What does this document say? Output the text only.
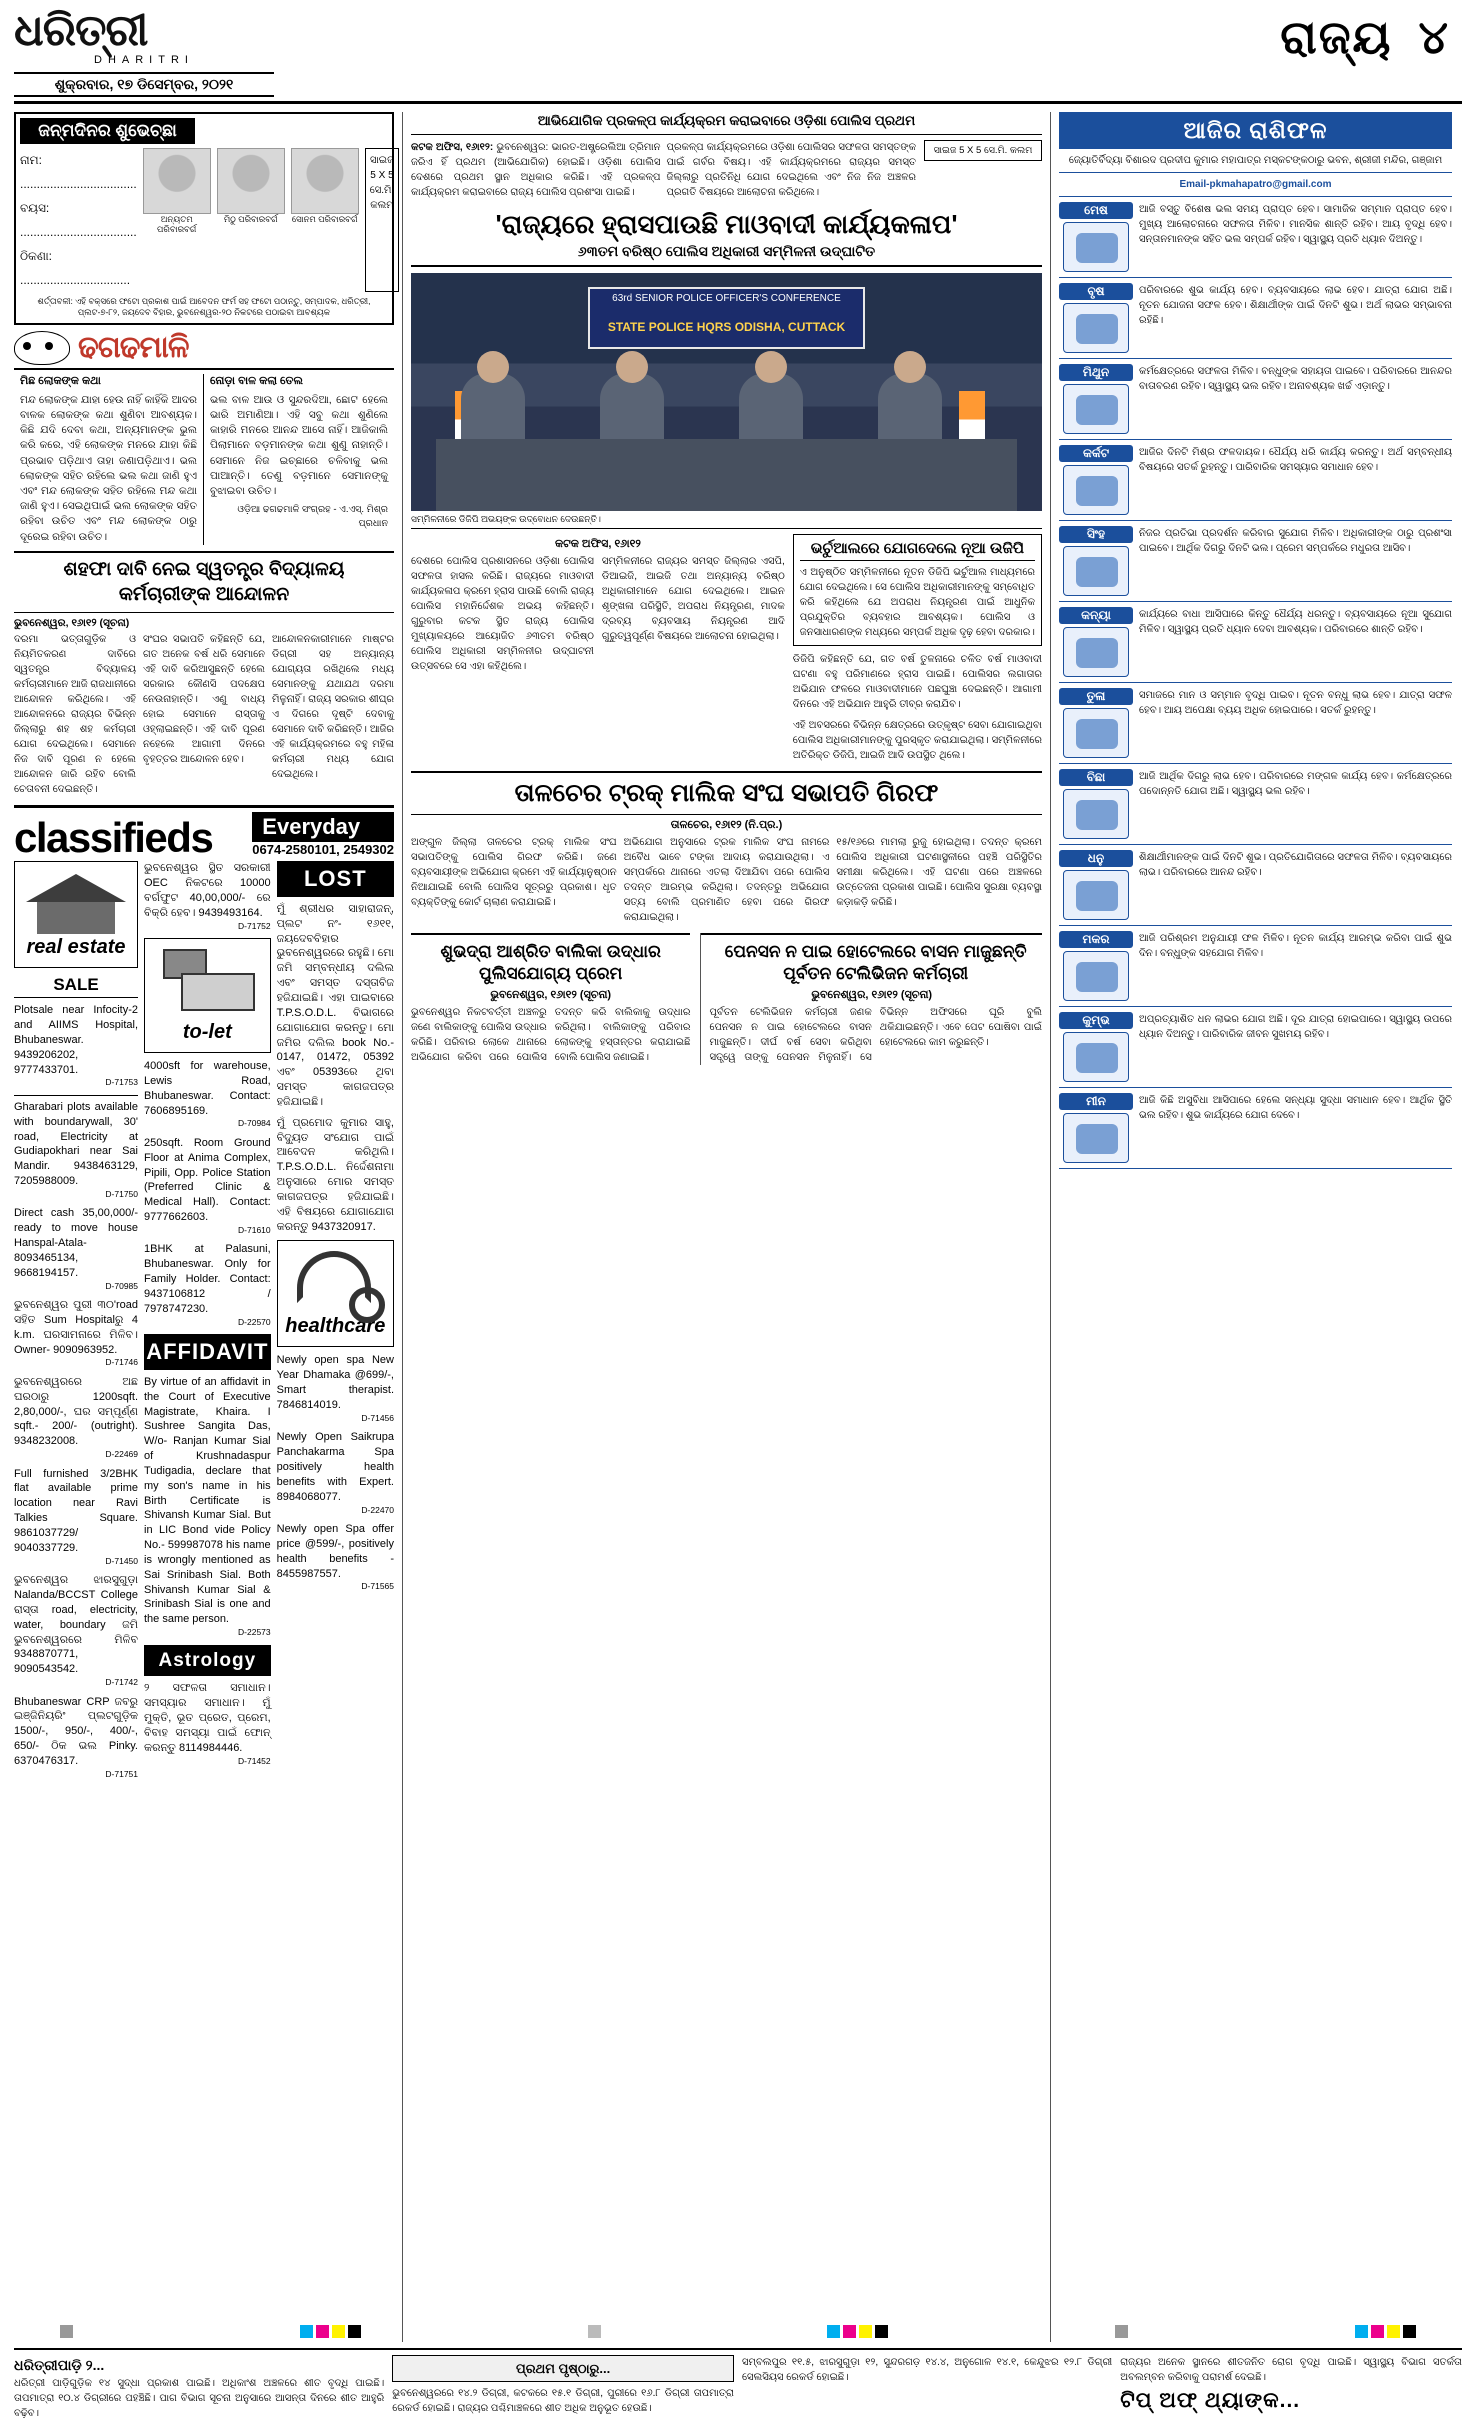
ଧରିତ୍ରୀ
DHARITRI
ଶୁକ୍ରବାର, ୧୭ ଡିସେମ୍ବର, ୨୦୨୧
ରାଜ୍ୟ ୪
ଜନ୍ମଦିନର ଶୁଭେଚ୍ଛା
ନାମ: ...................................
ବୟସ: ...................................
ଠିକଣା: .................................
ଅନ୍ୟତମ ପରିବାରବର୍ଗ
ମିଠୁ ପରିବାରବର୍ଗ	ସୋନମ ପରିବାରବର୍ଗ
ସାଇଜ 5 X 5 ସେ.ମି. କଲମ
ଶର୍ତ୍ତାବଳୀ: ଏହି ବକ୍ସରେ ଫଟୋ ପ୍ରକାଶ ପାଇଁ ଆବେଦନ ଫର୍ମ ସହ ଫଟୋ ପଠାନ୍ତୁ, ସମ୍ପାଦକ, ଧରିତ୍ରୀ, ପ୍ଲଟ-୭-୮୨, ଜୟଦେବ ବିହାର, ଭୁବନେଶ୍ୱର-୨୦ ନିକଟରେ ପଠାଇବା ଆବଶ୍ୟକ
ଢଗଢମାଳି
ମିଛ ଲୋକଙ୍କ କଥା
ମନ୍ଦ ଲୋକଙ୍କ ଯାହା ହେଉ ନାହିଁ କାହିଁକି ଆଦର ବାଳକ ଲୋକଙ୍କ କଥା ଶୁଣିବା ଆବଶ୍ୟକ। କିଛି ଯଦି ଦେବା କଥା, ଅନ୍ୟମାନଙ୍କ ଭୁଲ କରି କରେ, ଏହି ଲୋକଙ୍କ ମନରେ ଯାହା କିଛି ପ୍ରଭାବ ପଡ଼ିଥାଏ ତାହା ଜଣାପଡ଼ିଥାଏ। ଭଲ ଲୋକଙ୍କ ସହିତ ରହିଲେ ଭଲ କଥା ଜାଣି ହୁଏ ଏବଂ ମନ୍ଦ ଲୋକଙ୍କ ସହିତ ରହିଲେ ମନ୍ଦ କଥା ଜାଣି ହୁଏ। ସେଇଥିପାଇଁ ଭଲ ଲୋକଙ୍କ ସହିତ ରହିବା ଉଚିତ ଏବଂ ମନ୍ଦ ଲୋକଙ୍କ ଠାରୁ ଦୂରେଇ ରହିବା ଉଚିତ।
ନୋଡ଼ା ବାଳ କଲା ତେଲ
ଭଲ ବାଳ ଆଉ ଓ ସୁନ୍ଦରଦିଆ, ଛୋଟ ହେଲେ ଭାରି ଅମାଣିଆ। ଏହି ସବୁ କଥା ଶୁଣିଲେ କାହାରି ମନରେ ଆନନ୍ଦ ଆସେ ନାହିଁ। ଆଜିକାଲି ପିଲାମାନେ ବଡ଼ମାନଙ୍କ କଥା ଶୁଣୁ ନାହାନ୍ତି। ସେମାନେ ନିଜ ଇଚ୍ଛାରେ ଚଳିବାକୁ ଭଲ ପାଆନ୍ତି। ତେଣୁ ବଡ଼ମାନେ ସେମାନଙ୍କୁ ବୁଝାଇବା ଉଚିତ।
ଓଡ଼ିଆ ଢଗଢମାଳି ସଂଗ୍ରହ - ଏ.ଏସ୍. ମିଶ୍ର ପ୍ରଧାନ
ଶହଫା ଦାବି ନେଇ ସ୍ୱତନ୍ତ୍ର ବିଦ୍ୟାଳୟ କର୍ମଚାରୀଙ୍କ ଆନ୍ଦୋଳନ
ଭୁବନେଶ୍ୱର, ୧୬ା୧୨ (ସୂଚନା)
ଦରମା ଭତ୍ତାଗୁଡ଼ିକ ଓ ନିୟମିତକରଣ ଦାବିରେ ସ୍ୱତନ୍ତ୍ର ବିଦ୍ୟାଳୟ କର୍ମଚାରୀମାନେ ଆଜି ରାଜଧାନୀରେ ଆନ୍ଦୋଳନ କରିଥିଲେ। ଏହି ଆନ୍ଦୋଳନରେ ରାଜ୍ୟର ବିଭିନ୍ନ ଜିଲ୍ଲାରୁ ଶହ ଶହ କର୍ମଚାରୀ ଯୋଗ ଦେଇଥିଲେ। ସେମାନେ ନିଜ ଦାବି ପୂରଣ ନ ହେଲେ ଆନ୍ଦୋଳନ ଜାରି ରହିବ ବୋଲି ଚେତାବନୀ ଦେଇଛନ୍ତି।
ସଂଘର ସଭାପତି କହିଛନ୍ତି ଯେ, ଗତ ଅନେକ ବର୍ଷ ଧରି ସେମାନେ ଏହି ଦାବି କରିଆସୁଛନ୍ତି ହେଲେ ସରକାର କୌଣସି ପଦକ୍ଷେପ ନେଉନାହାନ୍ତି। ଏଣୁ ବାଧ୍ୟ ହୋଇ ସେମାନେ ରାସ୍ତାକୁ ଓହ୍ଲାଇଛନ୍ତି। ଏହି ଦାବି ପୂରଣ ନହେଲେ ଆଗାମୀ ଦିନରେ ବୃହତ୍ତର ଆନ୍ଦୋଳନ ହେବ।
ଆନ୍ଦୋଳନକାରୀମାନେ ମାଷ୍ଟର ଡିଗ୍ରୀ ସହ ଅନ୍ୟାନ୍ୟ ଯୋଗ୍ୟତା ରଖିଥିଲେ ମଧ୍ୟ ସେମାନଙ୍କୁ ଯଥାଯଥ ଦରମା ମିଳୁନାହିଁ। ରାଜ୍ୟ ସରକାର ଶୀଘ୍ର ଏ ଦିଗରେ ଦୃଷ୍ଟି ଦେବାକୁ ସେମାନେ ଦାବି କରିଛନ୍ତି। ଆଜିର ଏହି କାର୍ଯ୍ୟକ୍ରମରେ ବହୁ ମହିଳା କର୍ମଚାରୀ ମଧ୍ୟ ଯୋଗ ଦେଇଥିଲେ।
classifieds	Everyday
0674-2580101, 2549302
real estate
SALE

Plotsale near Infocity-2 and AIIMS Hospital, Bhubaneswar. 9439206202, 9777433701.
D-71753

Gharabari plots available with boundarywall, 30' road, Electricity at Gudiapokhari near Sai Mandir. 9438463129, 7205988009.
D-71750

Direct cash 35,00,000/- ready to move house Hanspal-Atala- 8093465134, 9668194157.
D-70985

ଭୁବନେଶ୍ୱର ପୁରୀ ୩୦'road ସହିତ Sum Hospitalରୁ 4 k.m. ଘରସାମନାରେ ମିଳିବ। Owner- 9090963952.
D-71746

ଭୁବନେଶ୍ୱରରେ ଅଛ ଘରଠାରୁ 1200sqft. 2,80,000/-, ଘର ସମ୍ପୂର୍ଣ୍ଣ sqft.- 200/- (outright). 9348232008.
D-22469

Full furnished 3/2BHK flat available prime location near Ravi Talkies Square. 9861037729/ 9040337729.
D-71450

ଭୁବନେଶ୍ୱର ଝାରସୁଗୁଡ଼ା Nalanda/BCCST College ରାସ୍ତା road, electricity, water, boundary ଜମି ଭୁବନେଶ୍ୱରରେ ମିଳିବ 9348870771, 9090543542.
D-71742

Bhubaneswar CRP ଜବରୁ ଇଞ୍ଜିନିୟରିଂ ପ୍ଲଟଗୁଡ଼ିକ 1500/-, 950/-, 400/-, 650/- ଠିକ ଭଲ Pinky. 6370476317.
D-71751

ଭୁବନେଶ୍ୱର ସ୍ଥିତ ସରକାରୀ OEC ନିକଟରେ 10000 ବର୍ଗଫୁଟ 40,00,000/- ରେ ବିକ୍ରି ହେବ। 9439493164.
D-71752

to-let

4000sft for warehouse, Lewis Road, Bhubaneswar. Contact: 7606895169.
D-70984

250sqft. Room Ground Floor at Anima Complex, Pipili, Opp. Police Station (Preferred Clinic & Medical Hall). Contact: 9777662603.
D-71610

1BHK at Palasuni, Bhubaneswar. Only for Family Holder. Contact: 9437106812 / 7978747230.
D-22570

AFFIDAVIT

By virtue of an affidavit in the Court of Executive Magistrate, Khaira. I Sushree Sangita Das, W/o- Ranjan Kumar Sial of Krushnadaspur Tudigadia, declare that my son's name in his Birth Certificate is Shivansh Kumar Sial. But in LIC Bond vide Policy No.- 599987078 his name is wrongly mentioned as Sai Srinibash Sial. Both Shivansh Kumar Sial & Srinibash Sial is one and the same person.
D-22573

Astrology

୨ ସଫଳତା ସମାଧାନ। ସମସ୍ୟାର ସମାଧାନ। ମୁଁ ମୁକ୍ତି, ଭୂତ ପ୍ରେତ, ପ୍ରେମ, ବିବାହ ସମସ୍ୟା ପାଇଁ ଫୋନ୍ କରନ୍ତୁ 8114984446.
D-71452

LOST

ମୁଁ ଶ୍ରୀଧର ସାହାରାଜନ୍, ପ୍ଲଟ ନଂ- ୧୬୧୧, ଜୟଦେବବିହାର ଭୁବନେଶ୍ୱରରେ ରହୁଛି। ମୋ ଜମି ସମ୍ବନ୍ଧୀୟ ଦଲିଲ ଏବଂ ସମସ୍ତ ଦସ୍ତାବିଜ ହଜିଯାଇଛି। ଏହା ପାଇବାରେ T.P.S.O.D.L. ବିଭାଗରେ ଯୋଗାଯୋଗ କରନ୍ତୁ। ମୋ ଜମିର ଦଲିଲ book No.- 0147, 01472, 05392 ଏବଂ 05393ରେ ଥିବା ସମସ୍ତ କାଗଜପତ୍ର ହଜିଯାଇଛି।

ମୁଁ ପ୍ରମୋଦ କୁମାର ସାହୁ, ବିଦ୍ୟୁତ ସଂଯୋଗ ପାଇଁ ଆବେଦନ କରିଥିଲି। T.P.S.O.D.L. ନିର୍ଦ୍ଦେଶନାମା ଅନୁସାରେ ମୋର ସମସ୍ତ କାଗଜପତ୍ର ହଜିଯାଇଛି। ଏହି ବିଷୟରେ ଯୋଗାଯୋଗ କରନ୍ତୁ 9437320917.

healthcare

Newly open spa New Year Dhamaka @699/-, Smart therapist. 7846814019.
D-71456

Newly Open Saikrupa Panchakarma Spa positively health benefits with Expert. 8984068077.
D-22470

Newly open Spa offer price @599/-, positively health benefits - 8455987557.
D-71565

ଆଭିଯୋଗିକ ପ୍ରକଳ୍ପ କାର୍ଯ୍ୟକ୍ରମ କରାଇବାରେ ଓଡ଼ିଶା ପୋଲିସ ପ୍ରଥମ
କଟକ ଅଫିସ, ୧୬ା୧୨: ଭୁବନେଶ୍ୱର: ଭାରତ-ଅଷ୍ଟ୍ରେଲିଆ ତ୍ରିମାନ ଜରିଏ ହିଁ ପ୍ରଥମ (ଆଭିଯୋଗିକ) ହୋଇଛି। ଓଡ଼ିଶା ପୋଲିସ ଦେଶରେ ପ୍ରଥମ ସ୍ଥାନ ଅଧିକାର କରିଛି। ଏହି ପ୍ରକଳ୍ପ କାର୍ଯ୍ୟକ୍ରମ କରାଇବାରେ ରାଜ୍ୟ ପୋଲିସ ପ୍ରଶଂସା ପାଇଛି।
ପ୍ରକଳ୍ପ କାର୍ଯ୍ୟକ୍ରମରେ ଓଡ଼ିଶା ପୋଲିସର ସଫଳତା ସମସ୍ତଙ୍କ ପାଇଁ ଗର୍ବର ବିଷୟ। ଏହି କାର୍ଯ୍ୟକ୍ରମରେ ରାଜ୍ୟର ସମସ୍ତ ଜିଲ୍ଲାରୁ ପ୍ରତିନିଧି ଯୋଗ ଦେଇଥିଲେ ଏବଂ ନିଜ ନିଜ ଅଞ୍ଚଳର ପ୍ରଗତି ବିଷୟରେ ଆଲୋଚନା କରିଥିଲେ।
ସାଇଜ 5 X 5 ସେ.ମି. କଲମ
'ରାଜ୍ୟରେ ହ୍ରାସପାଉଛି ମାଓବାଦୀ କାର୍ଯ୍ୟକଳାପ'
୬୩ତମ ବରିଷ୍ଠ ପୋଲିସ ଅଧିକାରୀ ସମ୍ମିଳନୀ ଉଦ୍‌ଘାଟିତ
63rd SENIOR POLICE OFFICER'S CONFERENCE
STATE POLICE HQRS ODISHA, CUTTACK
ସମ୍ମିଳନୀରେ ଡିଜିପି ଅଭୟଙ୍କ ଉଦ୍‌ବୋଧନ ଦେଉଛନ୍ତି।
କଟକ ଅଫିସ, ୧୬ା୧୨
ଦେଶରେ ପୋଲିସ ପ୍ରଶାସନରେ ଓଡ଼ିଶା ପୋଲିସ ସଫଳତା ହାସଲ କରିଛି। ରାଜ୍ୟରେ ମାଓବାଦୀ କାର୍ଯ୍ୟକଳାପ କ୍ରମେ ହ୍ରାସ ପାଉଛି ବୋଲି ରାଜ୍ୟ ପୋଲିସ ମହାନିର୍ଦ୍ଦେଶକ ଅଭୟ କହିଛନ୍ତି। ଗୁରୁବାର କଟକ ସ୍ଥିତ ରାଜ୍ୟ ପୋଲିସ ମୁଖ୍ୟାଳୟରେ ଆୟୋଜିତ ୬୩ତମ ବରିଷ୍ଠ ପୋଲିସ ଅଧିକାରୀ ସମ୍ମିଳନୀର ଉଦ୍‌ଘାଟନୀ ଉତ୍ସବରେ ସେ ଏହା କହିଥିଲେ।
ସମ୍ମିଳନୀରେ ରାଜ୍ୟର ସମସ୍ତ ଜିଲ୍ଲାର ଏସପି, ଡିଆଇଜି, ଆଇଜି ତଥା ଅନ୍ୟାନ୍ୟ ବରିଷ୍ଠ ଅଧିକାରୀମାନେ ଯୋଗ ଦେଇଥିଲେ। ଆଇନ ଶୃଙ୍ଖଳା ପରିସ୍ଥିତି, ଅପରାଧ ନିୟନ୍ତ୍ରଣ, ମାଦକ ଦ୍ରବ୍ୟ ବ୍ୟବସାୟ ନିୟନ୍ତ୍ରଣ ଆଦି ଗୁରୁତ୍ୱପୂର୍ଣ୍ଣ ବିଷୟରେ ଆଲୋଚନା ହୋଇଥିଲା।
ଭର୍ଚୁଆଲରେ ଯୋଗଦେଲେ ନୂଆ ଉଜିପି
ଏ ଅନୁଷ୍ଠିତ ସମ୍ମିଳନୀରେ ନୂତନ ଡିଜିପି ଭର୍ଚୁଆଲ ମାଧ୍ୟମରେ ଯୋଗ ଦେଇଥିଲେ। ସେ ପୋଲିସ ଅଧିକାରୀମାନଙ୍କୁ ସମ୍ବୋଧିତ କରି କହିଥିଲେ ଯେ ଅପରାଧ ନିୟନ୍ତ୍ରଣ ପାଇଁ ଆଧୁନିକ ପ୍ରଯୁକ୍ତିର ବ୍ୟବହାର ଆବଶ୍ୟକ। ପୋଲିସ ଓ ଜନସାଧାରଣଙ୍କ ମଧ୍ୟରେ ସମ୍ପର୍କ ଅଧିକ ଦୃଢ଼ ହେବା ଦରକାର।
ଡିଜିପି କହିଛନ୍ତି ଯେ, ଗତ ବର୍ଷ ତୁଳନାରେ ଚଳିତ ବର୍ଷ ମାଓବାଦୀ ଘଟଣା ବହୁ ପରିମାଣରେ ହ୍ରାସ ପାଇଛି। ପୋଲିସର ଲଗାତାର ଅଭିଯାନ ଫଳରେ ମାଓବାଦୀମାନେ ପଛଘୁଞ୍ଚା ଦେଇଛନ୍ତି। ଆଗାମୀ ଦିନରେ ଏହି ଅଭିଯାନ ଆହୁରି ତୀବ୍ର କରାଯିବ।
ଏହି ଅବସରରେ ବିଭିନ୍ନ କ୍ଷେତ୍ରରେ ଉତ୍କୃଷ୍ଟ ସେବା ଯୋଗାଇଥିବା ପୋଲିସ ଅଧିକାରୀମାନଙ୍କୁ ପୁରସ୍କୃତ କରାଯାଇଥିଲା। ସମ୍ମିଳନୀରେ ଅତିରିକ୍ତ ଡିଜିପି, ଆଇଜି ଆଦି ଉପସ୍ଥିତ ଥିଲେ।
ତାଳଚେର ଟ୍ରକ୍ ମାଲିକ ସଂଘ ସଭାପତି ଗିରଫ
ତାଳଚେର, ୧୬ା୧୨ (ନି.ପ୍ର.)
ଅଙ୍ଗୁଳ ଜିଲ୍ଲା ତାଳଚେର ଟ୍ରକ୍ ମାଲିକ ସଂଘ ସଭାପତିଙ୍କୁ ପୋଲିସ ଗିରଫ କରିଛି। ଜଣେ ବ୍ୟବସାୟୀଙ୍କ ଅଭିଯୋଗ କ୍ରମେ ଏହି କାର୍ଯ୍ୟାନୁଷ୍ଠାନ ନିଆଯାଇଛି ବୋଲି ପୋଲିସ ସୂତ୍ରରୁ ପ୍ରକାଶ। ଧୃତ ବ୍ୟକ୍ତିଙ୍କୁ କୋର୍ଟ ଚାଲାଣ କରାଯାଇଛି।
ଅଭିଯୋଗ ଅନୁସାରେ ଟ୍ରକ ମାଲିକ ସଂଘ ନାମରେ ଅବୈଧ ଭାବେ ଟଙ୍କା ଆଦାୟ କରାଯାଉଥିଲା। ଏ ସମ୍ପର୍କରେ ଥାନାରେ ଏତଲା ଦିଆଯିବା ପରେ ପୋଲିସ ତଦନ୍ତ ଆରମ୍ଭ କରିଥିଲା। ତଦନ୍ତରୁ ଅଭିଯୋଗ ସତ୍ୟ ବୋଲି ପ୍ରମାଣିତ ହେବା ପରେ ଗିରଫ କରାଯାଇଥିଲା।
୧୫/୧୬ରେ ମାମଲା ରୁଜୁ ହୋଇଥିଲା। ତଦନ୍ତ କ୍ରମେ ପୋଲିସ ଅଧିକାରୀ ଘଟଣାସ୍ଥଳୀରେ ପହଞ୍ଚି ପରିସ୍ଥିତିର ସମୀକ୍ଷା କରିଥିଲେ। ଏହି ଘଟଣା ପରେ ଅଞ୍ଚଳରେ ଉତ୍ତେଜନା ପ୍ରକାଶ ପାଇଛି। ପୋଲିସ ସୁରକ୍ଷା ବ୍ୟବସ୍ଥା କଡ଼ାକଡ଼ି କରିଛି।
ଶୁଭଦ୍ରା ଆଶ୍ରିତ ବାଲିକା ଉଦ୍ଧାର ପୁଲିସଯୋଗ୍ୟ ପ୍ରେମ
ଭୁବନେଶ୍ୱର, ୧୬ା୧୨ (ସୂଚନା)
ଭୁବନେଶ୍ୱର ନିକଟବର୍ତ୍ତୀ ଅଞ୍ଚଳରୁ ଜଣେ ବାଲିକାଙ୍କୁ ପୋଲିସ ଉଦ୍ଧାର କରିଛି। ପରିବାର ଲୋକେ ଥାନାରେ ଅଭିଯୋଗ କରିବା ପରେ ପୋଲିସ ତଦନ୍ତ କରି ବାଲିକାକୁ ଉଦ୍ଧାର କରିଥିଲା। ବାଲିକାଙ୍କୁ ପରିବାର ଲୋକଙ୍କୁ ହସ୍ତାନ୍ତର କରାଯାଇଛି ବୋଲି ପୋଲିସ ଜଣାଇଛି।
ପେନସନ ନ ପାଇ ହୋଟେଲରେ ବାସନ ମାଜୁଛନ୍ତି ପୂର୍ବତନ ଟେଲିଭିଜନ କର୍ମଚାରୀ
ଭୁବନେଶ୍ୱର, ୧୬ା୧୨ (ସୂଚନା)
ପୂର୍ବତନ ଟେଲିଭିଜନ କର୍ମଚାରୀ ଜଣକ ପେନସନ ନ ପାଇ ହୋଟେଲରେ ବାସନ ମାଜୁଛନ୍ତି। ଦୀର୍ଘ ବର୍ଷ ସେବା କରିଥିବା ସତ୍ତ୍ୱେ ତାଙ୍କୁ ପେନସନ ମିଳୁନାହିଁ। ସେ ବିଭିନ୍ନ ଅଫିସରେ ଘୂରି ବୁଲି ଥକିଯାଇଛନ୍ତି। ଏବେ ପେଟ ପୋଷିବା ପାଇଁ ହୋଟେଲରେ କାମ କରୁଛନ୍ତି।
ଆଜିର ରାଶିଫଳ
ଜ୍ୟୋତିର୍ବିଦ୍ୟା ବିଶାରଦ ପ୍ରଦୀପ କୁମାର ମହାପାତ୍ର ମସ୍କଟଙ୍କଠାରୁ ଭବନ, ଶ୍ରୀଜୀ ମନ୍ଦିର, ଗଞ୍ଜାମ
Email-pkmahapatro@gmail.com
ମେଷ	ଆଜି ବସ୍ତୁ ବିଶେଷ ଭଲ ସମୟ ପ୍ରାପ୍ତ ହେବ। ସାମାଜିକ ସମ୍ମାନ ପ୍ରାପ୍ତ ହେବ। ମୁଖ୍ୟ ଆଲୋଚନାରେ ସଫଳତା ମିଳିବ। ମାନସିକ ଶାନ୍ତି ରହିବ। ଆୟ ବୃଦ୍ଧି ହେବ। ସନ୍ତାନମାନଙ୍କ ସହିତ ଭଲ ସମ୍ପର୍କ ରହିବ। ସ୍ୱାସ୍ଥ୍ୟ ପ୍ରତି ଧ୍ୟାନ ଦିଅନ୍ତୁ।
ବୃଷ	ପରିବାରରେ ଶୁଭ କାର୍ଯ୍ୟ ହେବ। ବ୍ୟବସାୟରେ ଲାଭ ହେବ। ଯାତ୍ରା ଯୋଗ ଅଛି। ନୂତନ ଯୋଜନା ସଫଳ ହେବ। ଶିକ୍ଷାର୍ଥୀଙ୍କ ପାଇଁ ଦିନଟି ଶୁଭ। ଅର୍ଥ ଲାଭର ସମ୍ଭାବନା ରହିଛି।
ମିଥୁନ	କର୍ମକ୍ଷେତ୍ରରେ ସଫଳତା ମିଳିବ। ବନ୍ଧୁଙ୍କ ସହାୟତା ପାଇବେ। ପରିବାରରେ ଆନନ୍ଦର ବାତାବରଣ ରହିବ। ସ୍ୱାସ୍ଥ୍ୟ ଭଲ ରହିବ। ଅନାବଶ୍ୟକ ଖର୍ଚ୍ଚ ଏଡ଼ାନ୍ତୁ।
କର୍କଟ	ଆଜିର ଦିନଟି ମିଶ୍ର ଫଳଦାୟକ। ଧୈର୍ଯ୍ୟ ଧରି କାର୍ଯ୍ୟ କରନ୍ତୁ। ଅର୍ଥ ସମ୍ବନ୍ଧୀୟ ବିଷୟରେ ସତର୍କ ରୁହନ୍ତୁ। ପାରିବାରିକ ସମସ୍ୟାର ସମାଧାନ ହେବ।
ସିଂହ	ନିଜର ପ୍ରତିଭା ପ୍ରଦର୍ଶନ କରିବାର ସୁଯୋଗ ମିଳିବ। ଅଧିକାରୀଙ୍କ ଠାରୁ ପ୍ରଶଂସା ପାଇବେ। ଆର୍ଥିକ ଦିଗରୁ ଦିନଟି ଭଲ। ପ୍ରେମ ସମ୍ପର୍କରେ ମଧୁରତା ଆସିବ।
କନ୍ୟା	କାର୍ଯ୍ୟରେ ବାଧା ଆସିପାରେ କିନ୍ତୁ ଧୈର୍ଯ୍ୟ ଧରନ୍ତୁ। ବ୍ୟବସାୟରେ ନୂଆ ସୁଯୋଗ ମିଳିବ। ସ୍ୱାସ୍ଥ୍ୟ ପ୍ରତି ଧ୍ୟାନ ଦେବା ଆବଶ୍ୟକ। ପରିବାରରେ ଶାନ୍ତି ରହିବ।
ତୁଳା	ସମାଜରେ ମାନ ଓ ସମ୍ମାନ ବୃଦ୍ଧି ପାଇବ। ନୂତନ ବନ୍ଧୁ ଲାଭ ହେବ। ଯାତ୍ରା ସଫଳ ହେବ। ଆୟ ଅପେକ୍ଷା ବ୍ୟୟ ଅଧିକ ହୋଇପାରେ। ସତର୍କ ରୁହନ୍ତୁ।
ବିଛା	ଆଜି ଆର୍ଥିକ ଦିଗରୁ ଲାଭ ହେବ। ପରିବାରରେ ମଙ୍ଗଳ କାର୍ଯ୍ୟ ହେବ। କର୍ମକ୍ଷେତ୍ରରେ ପଦୋନ୍ନତି ଯୋଗ ଅଛି। ସ୍ୱାସ୍ଥ୍ୟ ଭଲ ରହିବ।
ଧନୁ	ଶିକ୍ଷାର୍ଥୀମାନଙ୍କ ପାଇଁ ଦିନଟି ଶୁଭ। ପ୍ରତିଯୋଗିତାରେ ସଫଳତା ମିଳିବ। ବ୍ୟବସାୟରେ ଲାଭ। ପରିବାରରେ ଆନନ୍ଦ ରହିବ।
ମକର	ଆଜି ପରିଶ୍ରମ ଅନୁଯାୟୀ ଫଳ ମିଳିବ। ନୂତନ କାର୍ଯ୍ୟ ଆରମ୍ଭ କରିବା ପାଇଁ ଶୁଭ ଦିନ। ବନ୍ଧୁଙ୍କ ସହଯୋଗ ମିଳିବ।
କୁମ୍ଭ	ଅପ୍ରତ୍ୟାଶିତ ଧନ ଲାଭର ଯୋଗ ଅଛି। ଦୂର ଯାତ୍ରା ହୋଇପାରେ। ସ୍ୱାସ୍ଥ୍ୟ ଉପରେ ଧ୍ୟାନ ଦିଅନ୍ତୁ। ପାରିବାରିକ ଜୀବନ ସୁଖମୟ ରହିବ।
ମୀନ	ଆଜି କିଛି ଅସୁବିଧା ଆସିପାରେ ହେଲେ ସନ୍ଧ୍ୟା ସୁଦ୍ଧା ସମାଧାନ ହେବ। ଆର୍ଥିକ ସ୍ଥିତି ଭଲ ରହିବ। ଶୁଭ କାର୍ଯ୍ୟରେ ଯୋଗ ଦେବେ।
ଧରିତ୍ରୀପାଡ଼ି ୨...
ଧରିତ୍ରୀ ପାଡ଼ିଗୁଡ଼ିକ ୧୪ ସୁଦ୍ଧା ପ୍ରକାଶ ପାଇଛି। ଅଧିକାଂଶ ଅଞ୍ଚଳରେ ଶୀତ ବୃଦ୍ଧି ପାଇଛି। ତାପମାତ୍ରା ୧୦.୪ ଡିଗ୍ରୀରେ ପହଞ୍ଚିଛି। ପାଗ ବିଭାଗ ସୂଚନା ଅନୁସାରେ ଆସନ୍ତା ଦିନରେ ଶୀତ ଆହୁରି ବଢ଼ିବ।
ପ୍ରଥମ ପୃଷ୍ଠାରୁ...
ଭୁବନେଶ୍ୱରରେ ୧୪.୨ ଡିଗ୍ରୀ, କଟକରେ ୧୫.୧ ଡିଗ୍ରୀ, ପୁରୀରେ ୧୬.୮ ଡିଗ୍ରୀ ତାପମାତ୍ରା ରେକର୍ଡ ହୋଇଛି। ରାଜ୍ୟର ପଶ୍ଚିମାଞ୍ଚଳରେ ଶୀତ ଅଧିକ ଅନୁଭୂତ ହେଉଛି।
ସମ୍ବଲପୁର ୧୧.୫, ଝାରସୁଗୁଡ଼ା ୧୨, ସୁନ୍ଦରଗଡ଼ ୧୪.୪, ଅନୁଗୋଳ ୧୪.୧, କେନ୍ଦୁଝର ୧୨.୮ ଡିଗ୍ରୀ ସେଲସିୟସ ରେକର୍ଡ ହୋଇଛି।
ରାଜ୍ୟର ଅନେକ ସ୍ଥାନରେ ଶୀତଜନିତ ରୋଗ ବୃଦ୍ଧି ପାଇଛି। ସ୍ୱାସ୍ଥ୍ୟ ବିଭାଗ ସତର୍କତା ଅବଲମ୍ବନ କରିବାକୁ ପରାମର୍ଶ ଦେଇଛି।
ଟିପ୍ ଅଫ୍ ଥ୍ୟାଙ୍କ...
